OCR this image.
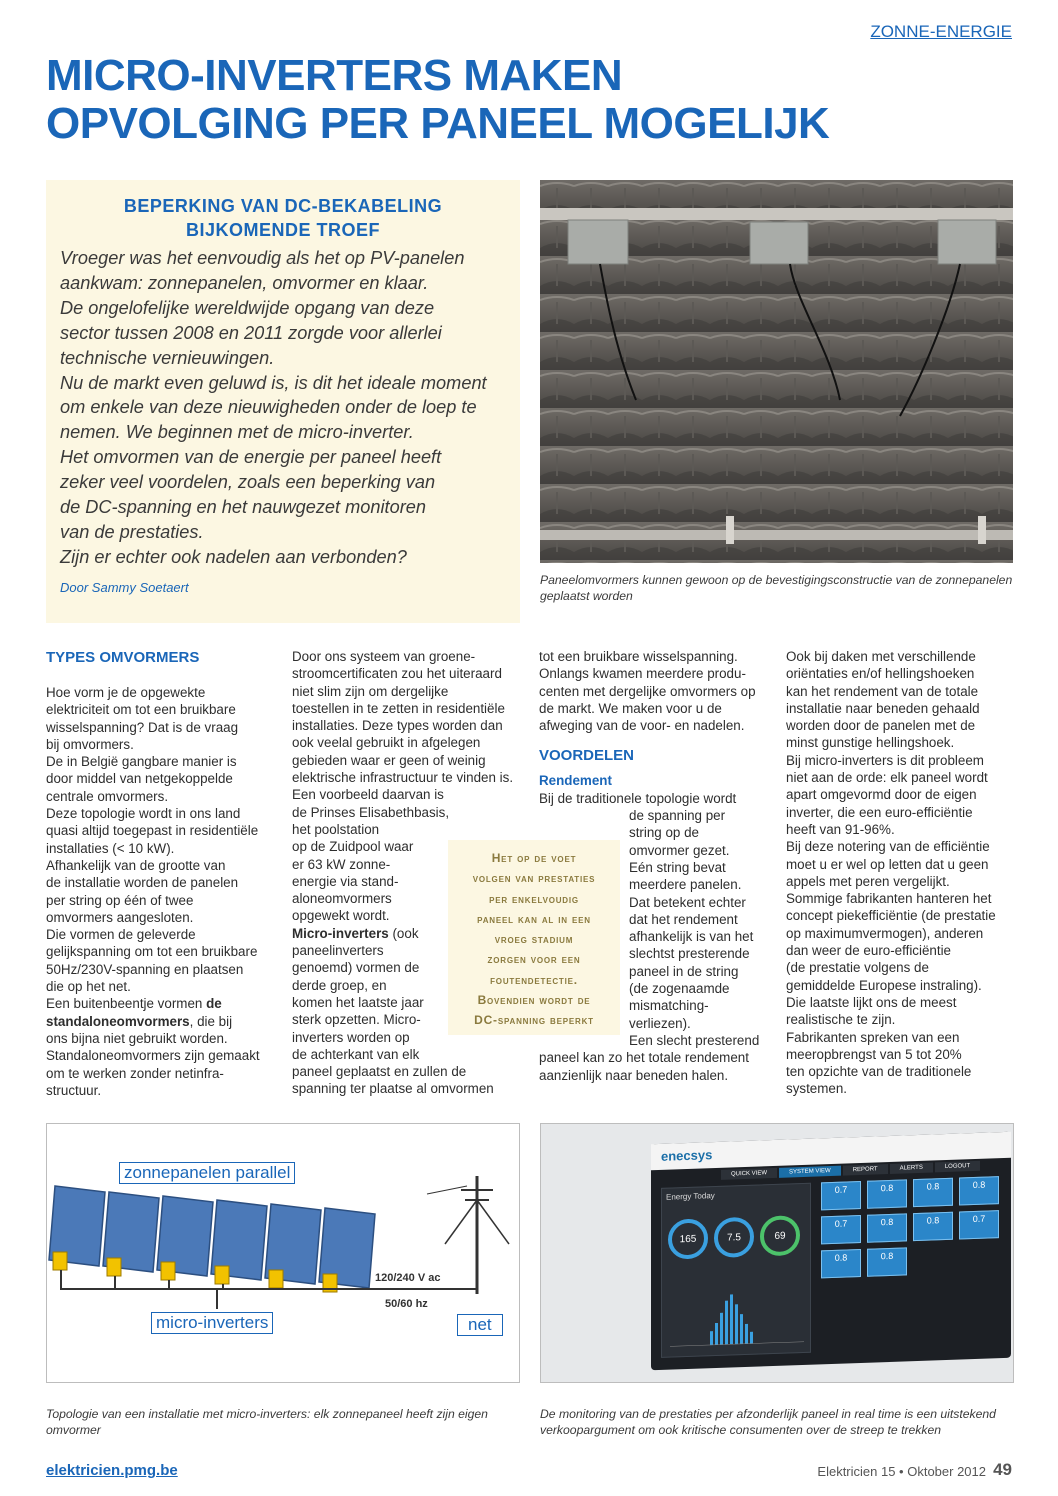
ZONNE-ENERGIE
MICRO-INVERTERS MAKEN
OPVOLGING PER PANEEL MOGELIJK
BEPERKING VAN DC-BEKABELING
BIJKOMENDE TROEF
Vroeger was het eenvoudig als het op PV-panelen
aankwam: zonnepanelen, omvormer en klaar.
De ongelofelijke wereldwijde opgang van deze
sector tussen 2008 en 2011 zorgde voor allerlei
technische vernieuwingen.
Nu de markt even geluwd is, is dit het ideale moment
om enkele van deze nieuwigheden onder de loep te
nemen. We beginnen met de micro-inverter.
Het omvormen van de energie per paneel heeft
zeker veel voordelen, zoals een beperking van
de DC-spanning en het nauwgezet monitoren
van de prestaties.
Zijn er echter ook nadelen aan verbonden?
Door Sammy Soetaert	Paneelomvormers kunnen gewoon op de bevestigingsconstructie van de zonnepanelen
geplaatst worden
TYPES OMVORMERS
Hoe vorm je de opgewekte
elektriciteit om tot een bruikbare
wisselspanning? Dat is de vraag
bij omvormers.
De in België gangbare manier is
door middel van netgekoppelde
centrale omvormers.
Deze topologie wordt in ons land
quasi altijd toegepast in residentiële
installaties (< 10 kW).
Afhankelijk van de grootte van
de installatie worden de panelen
per string op één of twee
omvormers aangesloten.
Die vormen de geleverde
gelijkspanning om tot een bruikbare
50Hz/230V-spanning en plaatsen
die op het net.
Een buitenbeentje vormen de
standaloneomvormers, die bij
ons bijna niet gebruikt worden.
Standaloneomvormers zijn gemaakt
om te werken zonder netinfra-
structuur.
Door ons systeem van groene-
stroomcertificaten zou het uiteraard
niet slim zijn om dergelijke
toestellen in te zetten in residentiële
installaties. Deze types worden dan
ook veelal gebruikt in afgelegen
gebieden waar er geen of weinig
elektrische infrastructuur te vinden is.
Een voorbeeld daarvan is
de Prinses Elisabethbasis,
het poolstation
op de Zuidpool waar
er 63 kW zonne-
energie via stand-
aloneomvormers
opgewekt wordt.
Micro-inverters (ook
paneelinverters
genoemd) vormen de
derde groep, en
komen het laatste jaar
sterk opzetten. Micro-
inverters worden op
de achterkant van elk
paneel geplaatst en zullen de
spanning ter plaatse al omvormen
tot een bruikbare wisselspanning.
Onlangs kwamen meerdere produ-
centen met dergelijke omvormers op
de markt. We maken voor u de
afweging van de voor- en nadelen.
VOORDELEN
Rendement
Bij de traditionele topologie wordt
de spanning per
string op de
omvormer gezet.
Eén string bevat
meerdere panelen.
Dat betekent echter
dat het rendement
afhankelijk is van het
slechtst presterende
paneel in de string
(de zogenaamde
mismatching-
verliezen).
Een slecht presterend
paneel kan zo het totale rendement
aanzienlijk naar beneden halen.
Ook bij daken met verschillende
oriëntaties en/of hellingshoeken
kan het rendement van de totale
installatie naar beneden gehaald
worden door de panelen met de
minst gunstige hellingshoek.
Bij micro-inverters is dit probleem
niet aan de orde: elk paneel wordt
apart omgevormd door de eigen
inverter, die een euro-efficiëntie
heeft van 91-96%.
Bij deze notering van de efficiëntie
moet u er wel op letten dat u geen
appels met peren vergelijkt.
Sommige fabrikanten hanteren het
concept piekefficiëntie (de prestatie
op maximumvermogen), anderen
dan weer de euro-efficiëntie
(de prestatie volgens de
gemiddelde Europese instraling).
Die laatste lijkt ons de meest
realistische te zijn.
Fabrikanten spreken van een
meeropbrengst van 5 tot 20%
ten opzichte van de traditionele
systemen.
Het op de voet
volgen van prestaties
per enkelvoudig
paneel kan al in een
vroeg stadium
zorgen voor een
foutendetectie.
Bovendien wordt de
DC-spanning beperkt
zonnepanelen parallel
micro-inverters	net
120/240 V ac
50/60 hz
Topologie van een installatie met micro-inverters: elk zonnepaneel heeft zijn eigen
omvormer
enecsys
QUICK VIEW	SYSTEM VIEW	REPORT	ALERTS	LOGOUT
Energy Today
165	7.5	69
0.7	0.8	0.8	0.8
0.7	0.8	0.8	0.7
0.8	0.8
De monitoring van de prestaties per afzonderlijk paneel in real time is een uitstekend
verkoopargument om ook kritische consumenten over de streep te trekken
elektricien.pmg.be	Elektricien 15 • Oktober 2012 49
